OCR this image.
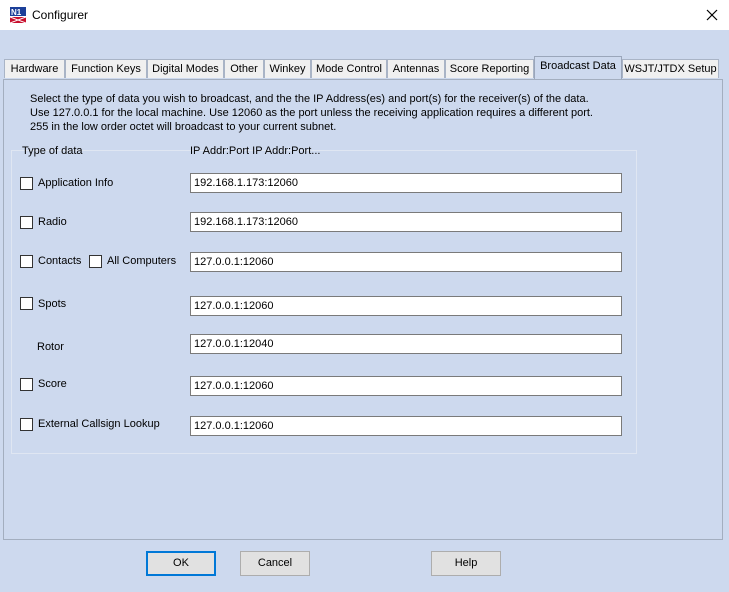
N1 Configurer
Hardware	Function Keys	Digital Modes	Other	Winkey Mode Control Antennas Score Reporting Broadcast Data WSJT/JTDX Setup
Select the type of data you wish to broadcast, and the the IP Address(es) and port(s) for the receiver(s) of the data.
Use 127.0.0.1 for the local machine. Use 12060 as the port unless the receiving application requires a different port.
255 in the low order octet will broadcast to your current subnet.
Type of data	IP Addr:Port IP Addr:Port...
Application Info	192.168.1.173:12060
Radio	192.168.1.173:12060
Contacts All Computers	127.0.0.1:12060
Spots	127.0.0.1:12060
Rotor	127.0.0.1:12040
Score	127.0.0.1:12060
External Callsign Lookup	127.0.0.1:12060
OK	Cancel	Help
